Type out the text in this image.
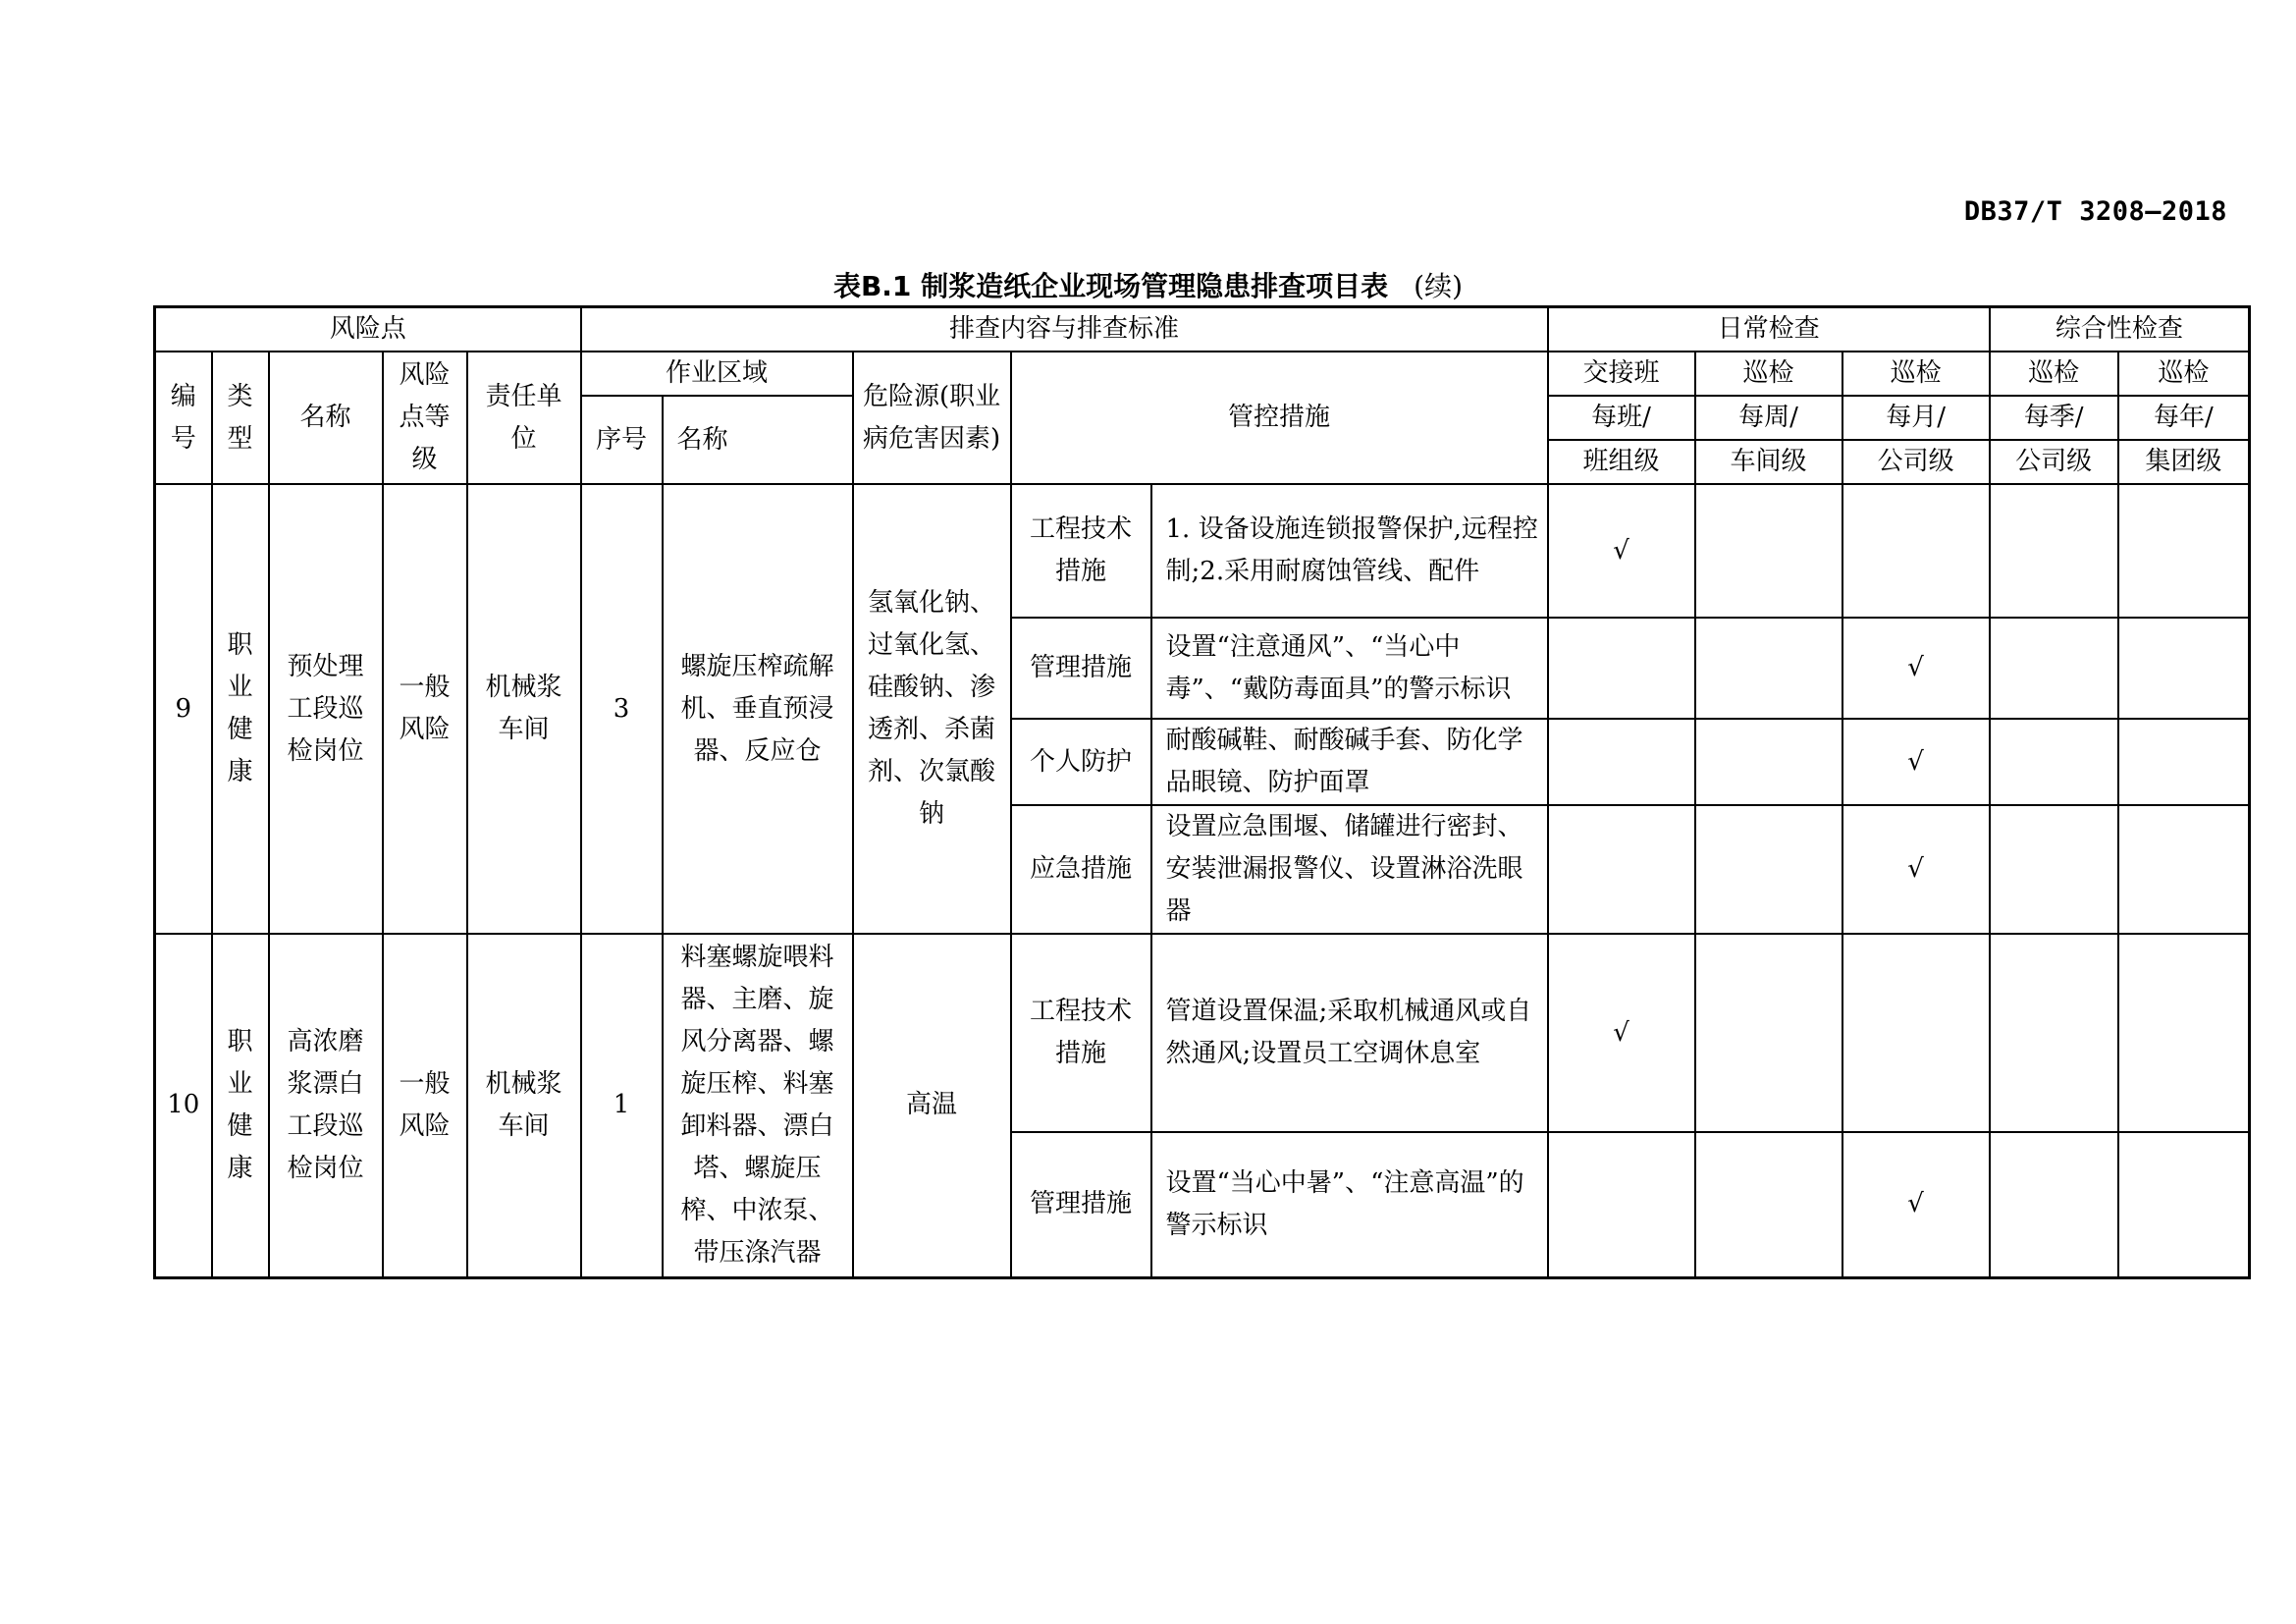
DB37/T 3208—2018
表B.1 制浆造纸企业现场管理隐患排查项目表 (续)
风险点					排查内容与排查标准					日常检查			综合性检查	
编号	类型	名称	风险点等级	责任单位	作业区域		危险源(职业病危害因素)	管控措施		交接班	巡检	巡检	巡检	巡检
					序号	名称				每班/	每周/	每月/	每季/	每年/
										班组级	车间级	公司级	公司级	集团级
9	职业健康	预处理工段巡检岗位	一般风险	机械浆车间	3	螺旋压榨疏解机、垂直预浸器、反应仓	氢氧化钠、过氧化氢、硅酸钠、渗透剂、杀菌剂、次氯酸钠	工程技术措施	1. 设备设施连锁报警保护,远程控制;2.采用耐腐蚀管线、配件	√				
								管理措施	设置“注意通风”、“当心中毒”、“戴防毒面具”的警示标识			√		
								个人防护	耐酸碱鞋、耐酸碱手套、防化学品眼镜、防护面罩			√		
								应急措施	设置应急围堰、储罐进行密封、安装泄漏报警仪、设置淋浴洗眼器			√		
10	职业健康	高浓磨浆漂白工段巡检岗位	一般风险	机械浆车间	1	料塞螺旋喂料器、主磨、旋风分离器、螺旋压榨、料塞卸料器、漂白塔、螺旋压榨、中浓泵、带压涤汽器	高温	工程技术措施	管道设置保温;采取机械通风或自然通风;设置员工空调休息室	√				
								管理措施	设置“当心中暑”、“注意高温”的警示标识			√		
